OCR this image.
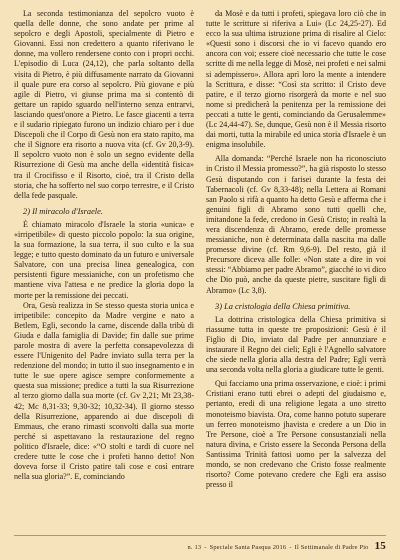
La seconda testimonianza del sepolcro vuoto è quella delle donne, che sono andate per prime al sepolcro e degli Apostoli, specialmente di Pietro e Giovanni. Essi non credettero a quanto riferivano le donne, ma vollero rendersene conto con i propri occhi. L'episodio di Luca (24,12), che parla soltanto della visita di Pietro, è più diffusamente narrato da Giovanni il quale pure era corso al sepolcro. Più giovane e più agile di Pietro, vi giunse prima ma si contentò di gettare un rapido sguardo nell'interno senza entrarvi, lasciando quest'onore a Pietro. Le fasce giacenti a terra e il sudario ripiegato furono un indizio chiaro per i due Discepoli che il Corpo di Gesù non era stato rapito, ma che il Signore era risorto a nuova vita (cf. Gv 20,3-9). Il sepolcro vuoto non è solo un segno evidente della Risurrezione di Gesù ma anche della «identità fisica» tra il Crocifisso e il Risorto, cioè, tra il Cristo della storia, che ha sofferto nel suo corpo terrestre, e il Cristo della fede pasquale.

2) Il miracolo d'Israele.

È chiamato miracolo d'Israele la storia «unica» e «irripetibile» di questo piccolo popolo: la sua origine, la sua formazione, la sua terra, il suo culto e la sua legge; e tutto questo dominato da un futuro e universale Salvatore, con una precisa linea genealogica, con persistenti figure messianiche, con un profetismo che mantiene viva l'attesa e ne predice la gloria dopo la morte per la remissione dei peccati.

Ora, Gesù realizza in Se stesso questa storia unica e irripetibile: concepito da Madre vergine e nato a Betlem, Egli, secondo la carne, discende dalla tribù di Giuda e dalla famiglia di Davide; fin dalle sue prime parole mostra di avere la perfetta consapevolezza di essere l'Unigenito del Padre inviato sulla terra per la redenzione del mondo; in tutto il suo insegnamento e in tutte le sue opere agisce sempre conformemente a questa sua missione; predice a tutti la sua Risurrezione al terzo giorno dalla sua morte (cf. Gv 2,21; Mt 23,38-42; Mc 8,31-33; 9,30-32; 10,32-34). Il giorno stesso della Risurrezione, apparendo ai due discepoli di Emmaus, che erano rimasti sconvolti dalla sua morte perché si aspettavano la restaurazione del regno politico d'Israele, dice: «“O stolti e tardi di cuore nel credere tutte le cose che i profeti hanno detto! Non doveva forse il Cristo patire tali cose e così entrare nella sua gloria?”. E, cominciando

da Mosè e da tutti i profeti, spiegava loro ciò che in tutte le scritture si riferiva a Lui» (Lc 24,25-27). Ed ecco la sua ultima istruzione prima di risalire al Cielo: «Questi sono i discorsi che io vi facevo quando ero ancora con voi; essere cioè necessario che tutte le cose scritte di me nella legge di Mosè, nei profeti e nei salmi si adempissero». Allora aprì loro la mente a intendere la Scrittura, e disse: “Così sta scritto: il Cristo deve patire, e il terzo giorno risorgerà da morte e nel suo nome si predicherà la penitenza per la remissione dei peccati a tutte le genti, cominciando da Gerusalemme» (Lc 24,44-47). Se, dunque, Gesù non è il Messia risorto dai morti, tutta la mirabile ed unica storia d'Israele è un enigma insolubile.

Alla domanda: “Perché Israele non ha riconosciuto in Cristo il Messia promesso?”, ha già risposto lo stesso Gesù disputando con i farisei durante la festa dei Tabernacoli (cf. Gv 8,33-48); nella Lettera ai Romani san Paolo si rifà a quanto ha detto Gesù e afferma che i genuini figli di Abramo sono tutti quelli che, imitandone la fede, credono in Gesù Cristo; in realtà la vera discendenza di Abramo, erede delle promesse messianiche, non è determinata dalla nascita ma dalle promesse divine (cf. Rm 9,6-9). Del resto, già il Precursore diceva alle folle: «Non state a dire in voi stessi: “Abbiamo per padre Abramo”, giacché io vi dico che Dio può, anche da queste pietre, suscitare figli di Abramo» (Lc 3,8).

3) La cristologia della Chiesa primitiva.

La dottrina cristologica della Chiesa primitiva si riassume tutta in queste tre proposizioni: Gesù è il Figlio di Dio, inviato dal Padre per annunziare e instaurare il Regno dei cieli; Egli è l'Agnello salvatore che siede nella gloria alla destra del Padre; Egli verrà una seconda volta nella gloria a giudicare tutte le genti.

Qui facciamo una prima osservazione, e cioè: i primi Cristiani erano tutti ebrei o adepti del giudaismo e, pertanto, eredi di una religione legata a uno stretto monoteismo biavista. Ora, come hanno potuto superare un ferreo monoteismo jhavista e credere a un Dio in Tre Persone, cioè a Tre Persone consustanziali nella natura divina, e Cristo essere la Seconda Persona della Santissima Trinità fattosi uomo per la salvezza del mondo, se non credevano che Cristo fosse realmente risorto? Come potevano credere che Egli era assiso presso il

n. 13 - Speciale Santa Pasqua 2016 - Il Settimanale di Padre Pio 15
